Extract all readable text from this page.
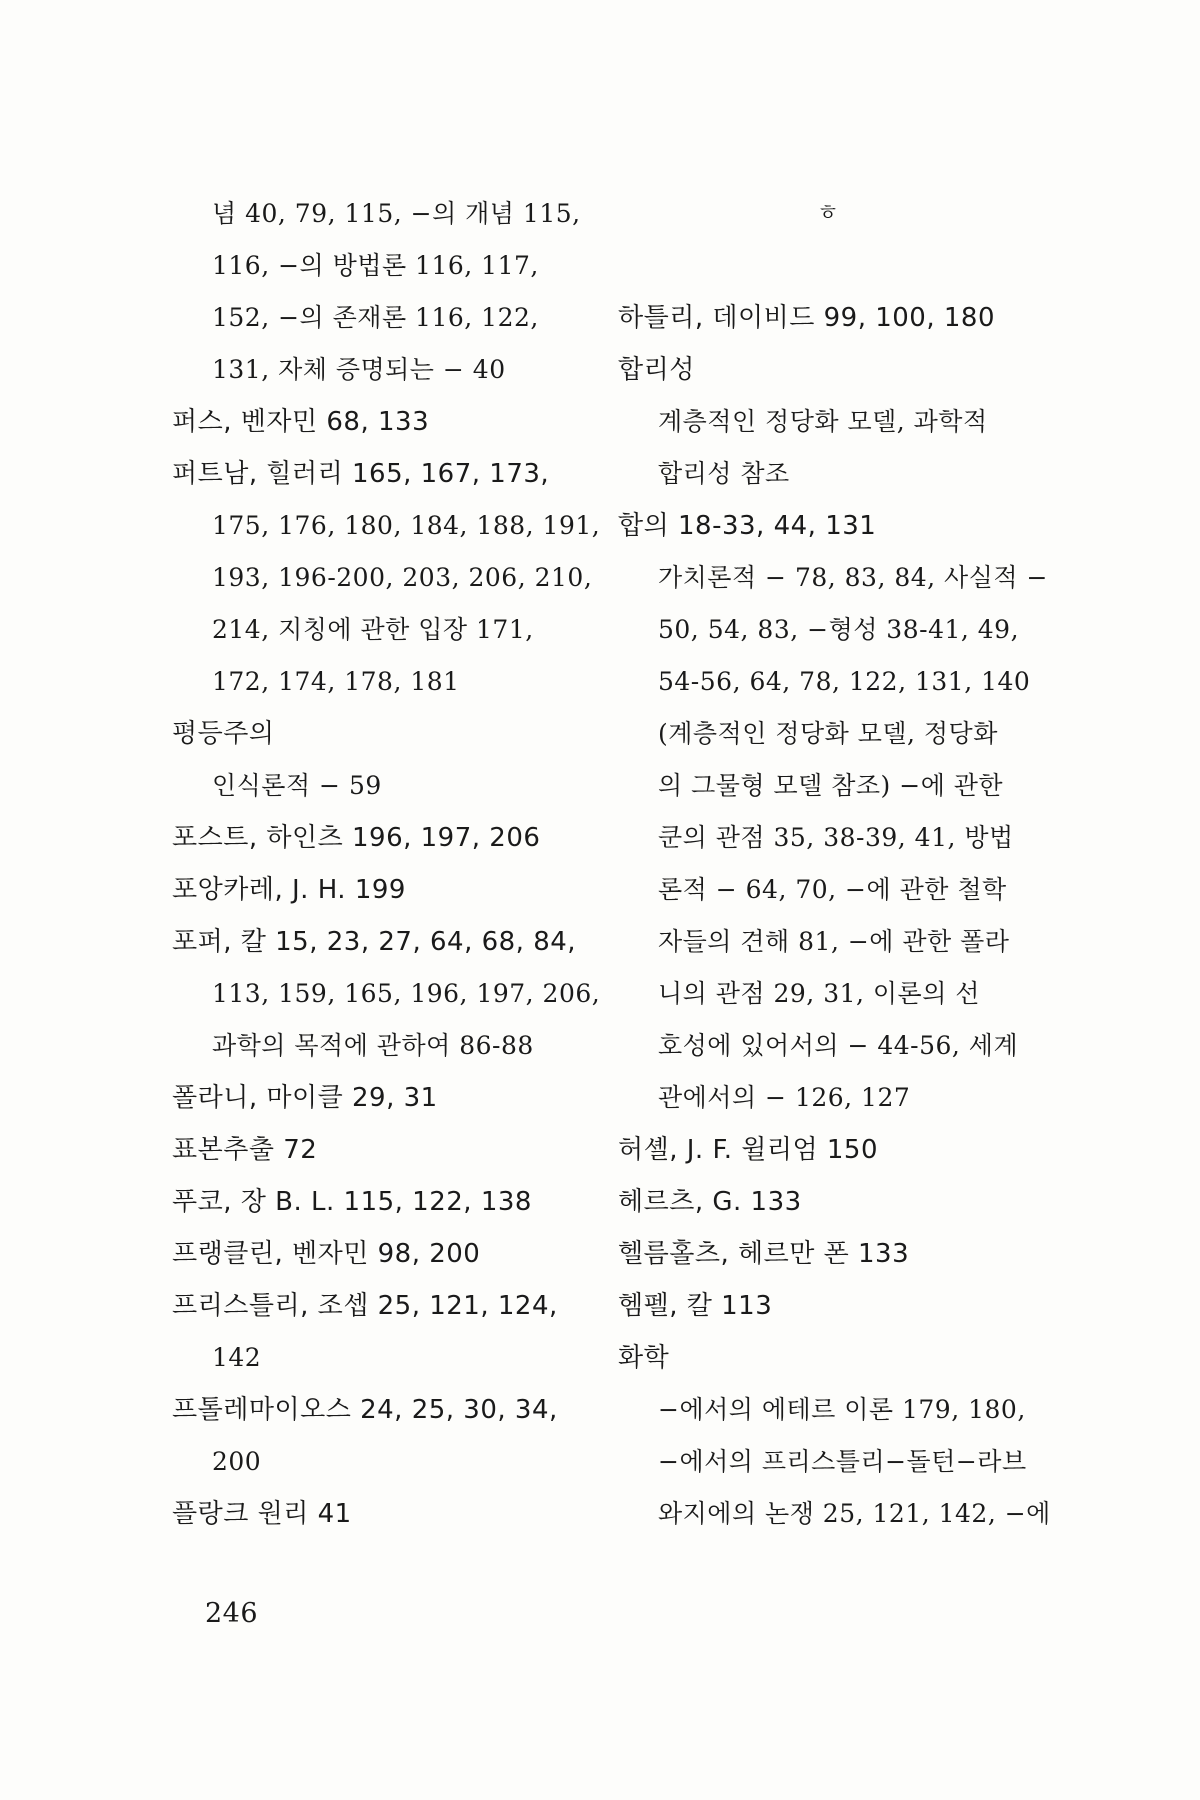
념 40, 79, 115, −의 개념 115,
116, −의 방법론 116, 117,
152, −의 존재론 116, 122,
131, 자체 증명되는 − 40
퍼스, 벤자민 68, 133
퍼트남, 힐러리 165, 167, 173,
175, 176, 180, 184, 188, 191,
193, 196-200, 203, 206, 210,
214, 지칭에 관한 입장 171,
172, 174, 178, 181
평등주의
인식론적 − 59
포스트, 하인츠 196, 197, 206
포앙카레, J. H. 199
포퍼, 칼 15, 23, 27, 64, 68, 84,
113, 159, 165, 196, 197, 206,
과학의 목적에 관하여 86-88
폴라니, 마이클 29, 31
표본추출 72
푸코, 장 B. L. 115, 122, 138
프랭클린, 벤자민 98, 200
프리스틀리, 조셉 25, 121, 124,
142
프톨레마이오스 24, 25, 30, 34,
200
플랑크 원리 41
ㅎ
하틀리, 데이비드 99, 100, 180
합리성
계층적인 정당화 모델, 과학적
합리성 참조
합의 18-33, 44, 131
가치론적 − 78, 83, 84, 사실적 −
50, 54, 83, −형성 38-41, 49,
54-56, 64, 78, 122, 131, 140
(계층적인 정당화 모델, 정당화
의 그물형 모델 참조) −에 관한
쿤의 관점 35, 38-39, 41, 방법
론적 − 64, 70, −에 관한 철학
자들의 견해 81, −에 관한 폴라
니의 관점 29, 31, 이론의 선
호성에 있어서의 − 44-56, 세계
관에서의 − 126, 127
허셸, J. F. 윌리엄 150
헤르츠, G. 133
헬름홀츠, 헤르만 폰 133
헴펠, 칼 113
화학
−에서의 에테르 이론 179, 180,
−에서의 프리스틀리−돌턴−라브
와지에의 논쟁 25, 121, 142, −에
246
